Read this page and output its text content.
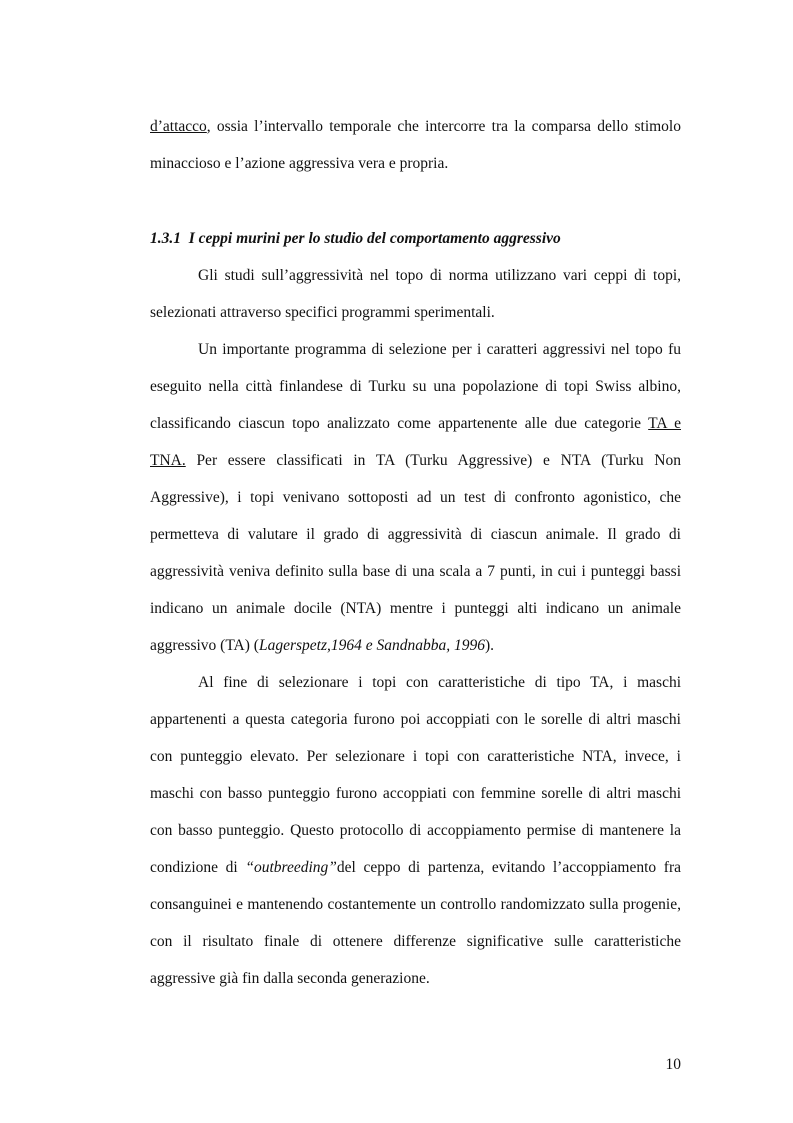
d’attacco, ossia l’intervallo temporale che intercorre tra la comparsa dello stimolo minaccioso e l’azione aggressiva vera e propria.

1.3.1 I ceppi murini per lo studio del comportamento aggressivo

Gli studi sull’aggressività nel topo di norma utilizzano vari ceppi di topi, selezionati attraverso specifici programmi sperimentali.

Un importante programma di selezione per i caratteri aggressivi nel topo fu eseguito nella città finlandese di Turku su una popolazione di topi Swiss albino, classificando ciascun topo analizzato come appartenente alle due categorie TA e TNA. Per essere classificati in TA (Turku Aggressive) e NTA (Turku Non Aggressive), i topi venivano sottoposti ad un test di confronto agonistico, che permetteva di valutare il grado di aggressività di ciascun animale. Il grado di aggressività veniva definito sulla base di una scala a 7 punti, in cui i punteggi bassi indicano un animale docile (NTA) mentre i punteggi alti indicano un animale aggressivo (TA) (Lagerspetz,1964 e Sandnabba, 1996).

Al fine di selezionare i topi con caratteristiche di tipo TA, i maschi appartenenti a questa categoria furono poi accoppiati con le sorelle di altri maschi con punteggio elevato. Per selezionare i topi con caratteristiche NTA, invece, i maschi con basso punteggio furono accoppiati con femmine sorelle di altri maschi con basso punteggio. Questo protocollo di accoppiamento permise di mantenere la condizione di “outbreeding”del ceppo di partenza, evitando l’accoppiamento fra consanguinei e mantenendo costantemente un controllo randomizzato sulla progenie, con il risultato finale di ottenere differenze significative sulle caratteristiche aggressive già fin dalla seconda generazione.

10
